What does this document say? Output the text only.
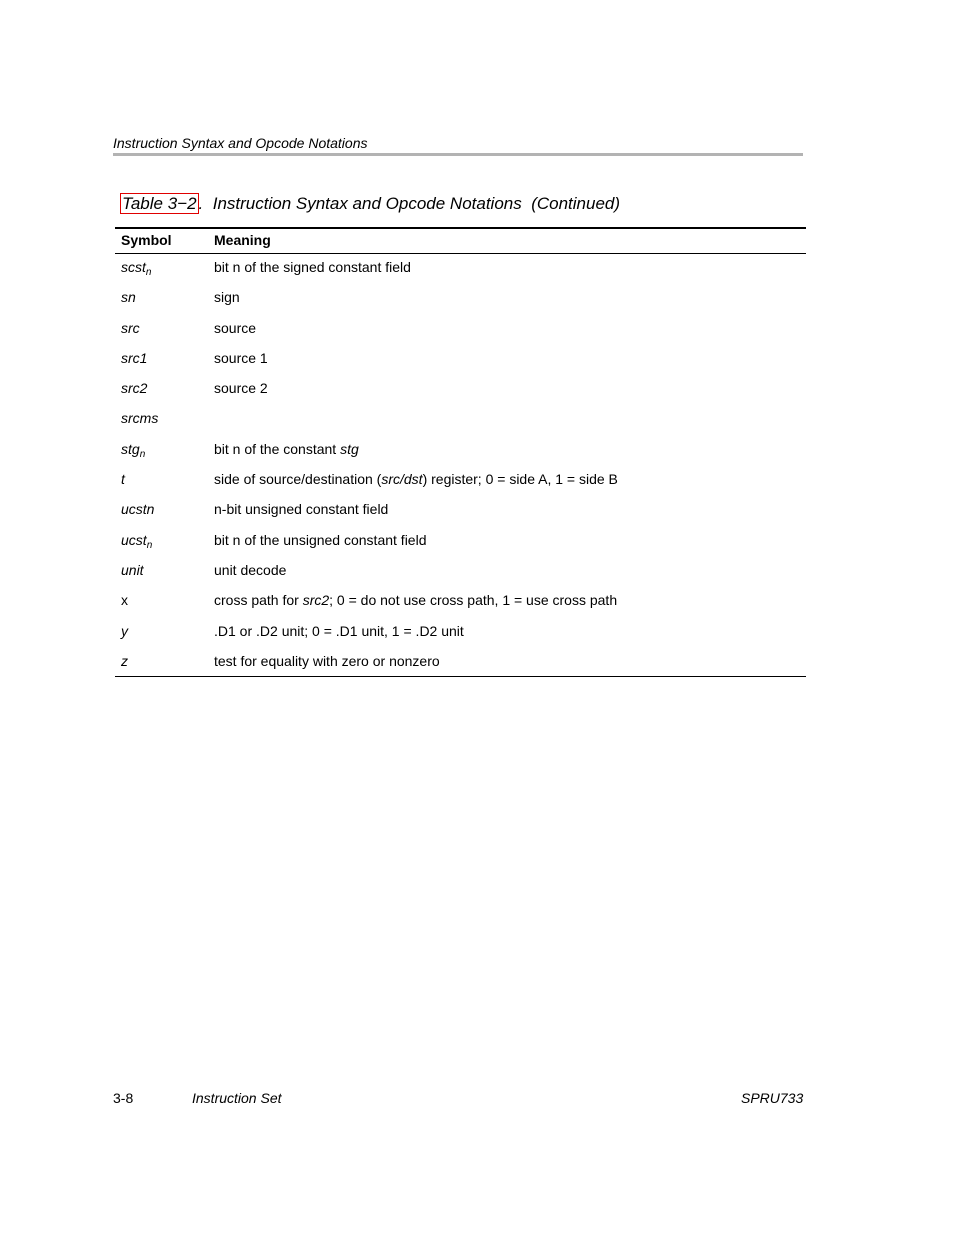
Instruction Syntax and Opcode Notations
Table 3−2 . Instruction Syntax and Opcode Notations (Continued)
Symbol	Meaning
scst$_n$	bit n of the signed constant field
sn	sign
src	source
src1	source 1
src2	source 2
srcms
stg$_n$	bit n of the constant stg
t	side of source/destination (src/dst) register; 0 = side A, 1 = side B
ucstn	n-bit unsigned constant field
ucst$_n$	bit n of the unsigned constant field
unit	unit decode
x	cross path for src2; 0 = do not use cross path, 1 = use cross path
y	.D1 or .D2 unit; 0 = .D1 unit, 1 = .D2 unit
z	test for equality with zero or nonzero
3-8	Instruction Set	SPRU733
